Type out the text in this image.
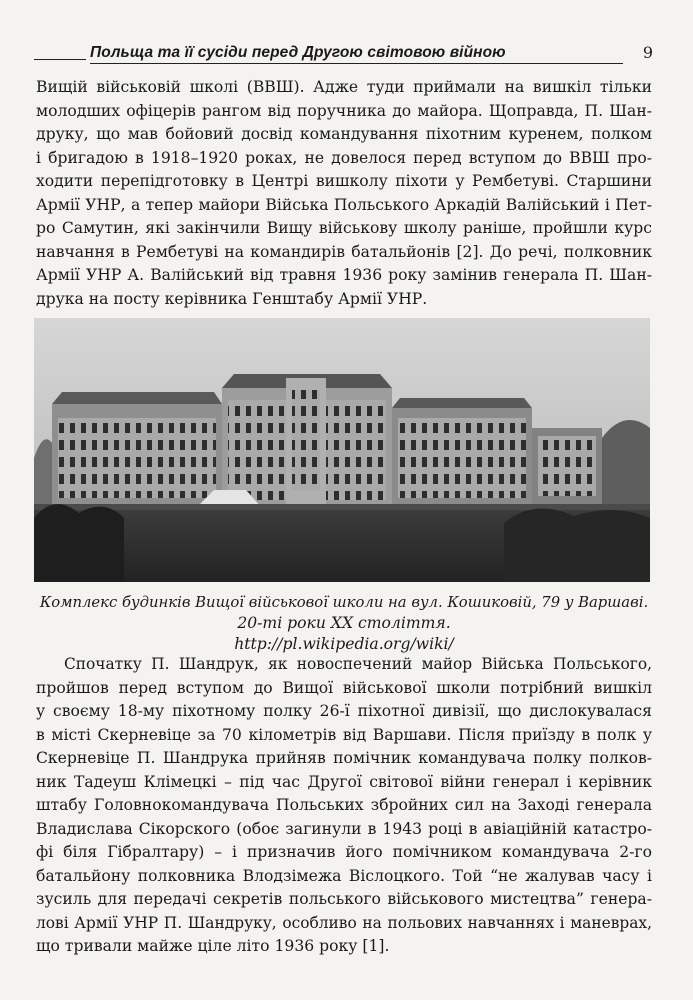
Польща та її сусіди перед Другою світовою війною	9
Вищій військовій школі (ВВШ). Адже туди приймали на вишкіл тільки
молодших офіцерів рангом від поручника до майора. Щоправда, П. Шан-
друку, що мав бойовий досвід командування піхотним куренем, полком
і бригадою в 1918–1920 роках, не довелося перед вступом до ВВШ про-
ходити перепідготовку в Центрі вишколу піхоти у Рембетуві. Старшини
Армії УНР, а тепер майори Війська Польського Аркадій Валійський і Пет-
ро Самутин, які закінчили Вищу військову школу раніше, пройшли курс
навчання в Рембетуві на командирів батальйонів [2]. До речі, полковник
Армії УНР А. Валійський від травня 1936 року замінив генерала П. Шан-
друка на посту керівника Генштабу Армії УНР.
Комплекс будинків Вищої військової школи на вул. Кошиковій, 79 у Варшаві.
20-ті роки XX століття.
http://pl.wikipedia.org/wiki/
Спочатку П. Шандрук, як новоспечений майор Війська Польського,
пройшов перед вступом до Вищої військової школи потрібний вишкіл
у своєму 18-му піхотному полку 26-ї піхотної дивізії, що дислокувалася
в місті Скерневіце за 70 кілометрів від Варшави. Після приїзду в полк у
Скерневіце П. Шандрука прийняв помічник командувача полку полков-
ник Тадеуш Клімецкі – під час Другої світової війни генерал і керівник
штабу Головнокомандувача Польських збройних сил на Заході генерала
Владислава Сікорского (обоє загинули в 1943 році в авіаційній катастро-
фі біля Гібралтару) – і призначив його помічником командувача 2-го
батальйону полковника Влодзімежа Віслоцкого. Той “не жалував часу і
зусиль для передачі секретів польського військового мистецтва” генера-
лові Армії УНР П. Шандруку, особливо на польових навчаннях і маневрах,
що тривали майже ціле літо 1936 року [1].
